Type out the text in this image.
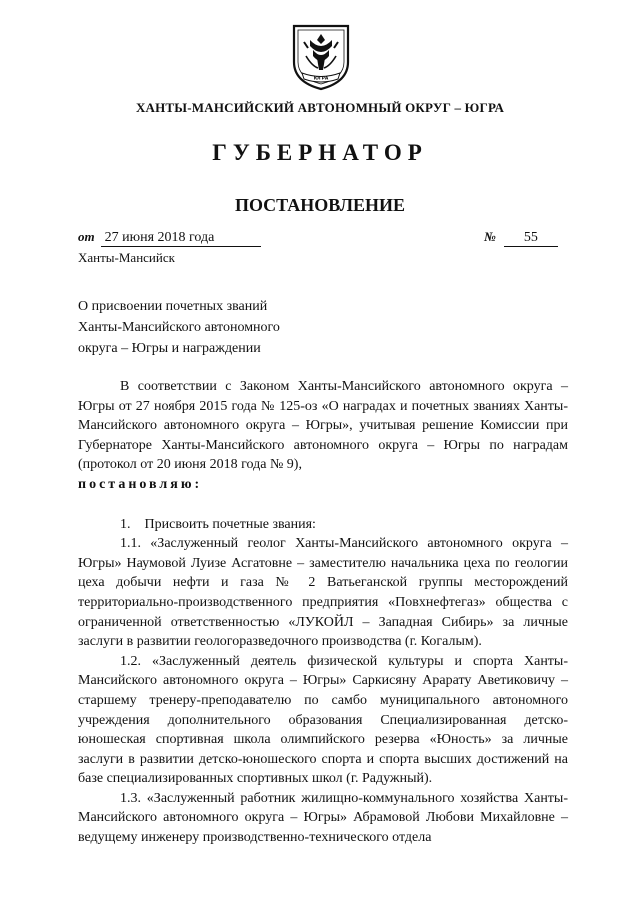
ЮГРА
ХАНТЫ-МАНСИЙСКИЙ АВТОНОМНЫЙ ОКРУГ – ЮГРА
ГУБЕРНАТОР
ПОСТАНОВЛЕНИЕ
от 27 июня 2018 года	№ 55
Ханты-Мансийск
О присвоении почетных званий
Ханты-Мансийского автономного
округа – Югры и награждении

В соответствии с Законом Ханты-Мансийского автономного округа – Югры от 27 ноября 2015 года № 125-оз «О наградах и почетных званиях Ханты-Мансийского автономного округа – Югры», учитывая решение Комиссии при Губернаторе Ханты-Мансийского автономного округа – Югры по наградам (протокол от 20 июня 2018 года № 9),

постановляю:

1. Присвоить почетные звания:

1.1. «Заслуженный геолог Ханты-Мансийского автономного округа – Югры» Наумовой Луизе Асгатовне – заместителю начальника цеха по геологии цеха добычи нефти и газа № 2 Ватьеганской группы месторождений территориально-производственного предприятия «Повхнефтегаз» общества с ограниченной ответственностью «ЛУКОЙЛ – Западная Сибирь» за личные заслуги в развитии геологоразведочного производства (г. Когалым).

1.2. «Заслуженный деятель физической культуры и спорта Ханты-Мансийского автономного округа – Югры» Саркисяну Арарату Аветиковичу – старшему тренеру-преподавателю по самбо муниципального автономного учреждения дополнительного образования Специализированная детско-юношеская спортивная школа олимпийского резерва «Юность» за личные заслуги в развитии детско-юношеского спорта и спорта высших достижений на базе специализированных спортивных школ (г. Радужный).

1.3. «Заслуженный работник жилищно-коммунального хозяйства Ханты-Мансийского автономного округа – Югры» Абрамовой Любови Михайловне – ведущему инженеру производственно-технического отдела
